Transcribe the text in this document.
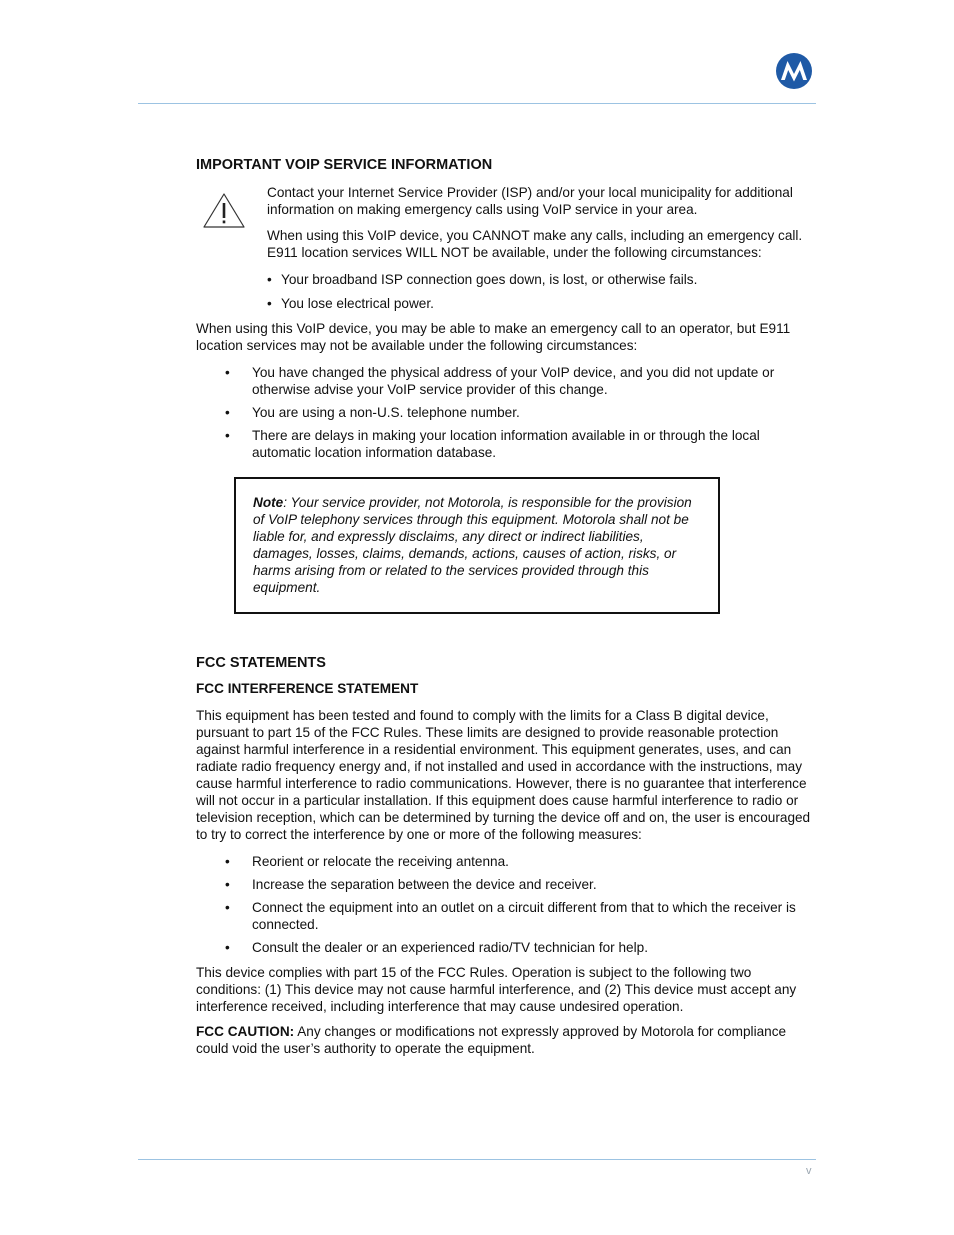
IMPORTANT VOIP SERVICE INFORMATION

Contact your Internet Service Provider (ISP) and/or your local municipality for additional information on making emergency calls using VoIP service in your area.

When using this VoIP device, you CANNOT make any calls, including an emergency call. E911 location services WILL NOT be available, under the following circumstances:

• Your broadband ISP connection goes down, is lost, or otherwise fails.
• You lose electrical power.

When using this VoIP device, you may be able to make an emergency call to an operator, but E911 location services may not be available under the following circumstances:

• You have changed the physical address of your VoIP device, and you did not update or otherwise advise your VoIP service provider of this change.
• You are using a non-U.S. telephone number.
• There are delays in making your location information available in or through the local automatic location information database.
Note: Your service provider, not Motorola, is responsible for the provision of VoIP telephony services through this equipment. Motorola shall not be liable for, and expressly disclaims, any direct or indirect liabilities, damages, losses, claims, demands, actions, causes of action, risks, or harms arising from or related to the services provided through this equipment.
FCC STATEMENTS
FCC INTERFERENCE STATEMENT

This equipment has been tested and found to comply with the limits for a Class B digital device, pursuant to part 15 of the FCC Rules. These limits are designed to provide reasonable protection against harmful interference in a residential environment. This equipment generates, uses, and can radiate radio frequency energy and, if not installed and used in accordance with the instructions, may cause harmful interference to radio communications. However, there is no guarantee that interference will not occur in a particular installation. If this equipment does cause harmful interference to radio or television reception, which can be determined by turning the device off and on, the user is encouraged to try to correct the interference by one or more of the following measures:

• Reorient or relocate the receiving antenna.
• Increase the separation between the device and receiver.
• Connect the equipment into an outlet on a circuit different from that to which the receiver is connected.
• Consult the dealer or an experienced radio/TV technician for help.

This device complies with part 15 of the FCC Rules. Operation is subject to the following two conditions: (1) This device may not cause harmful interference, and (2) This device must accept any interference received, including interference that may cause undesired operation.

FCC CAUTION: Any changes or modifications not expressly approved by Motorola for compliance could void the user’s authority to operate the equipment.

v
